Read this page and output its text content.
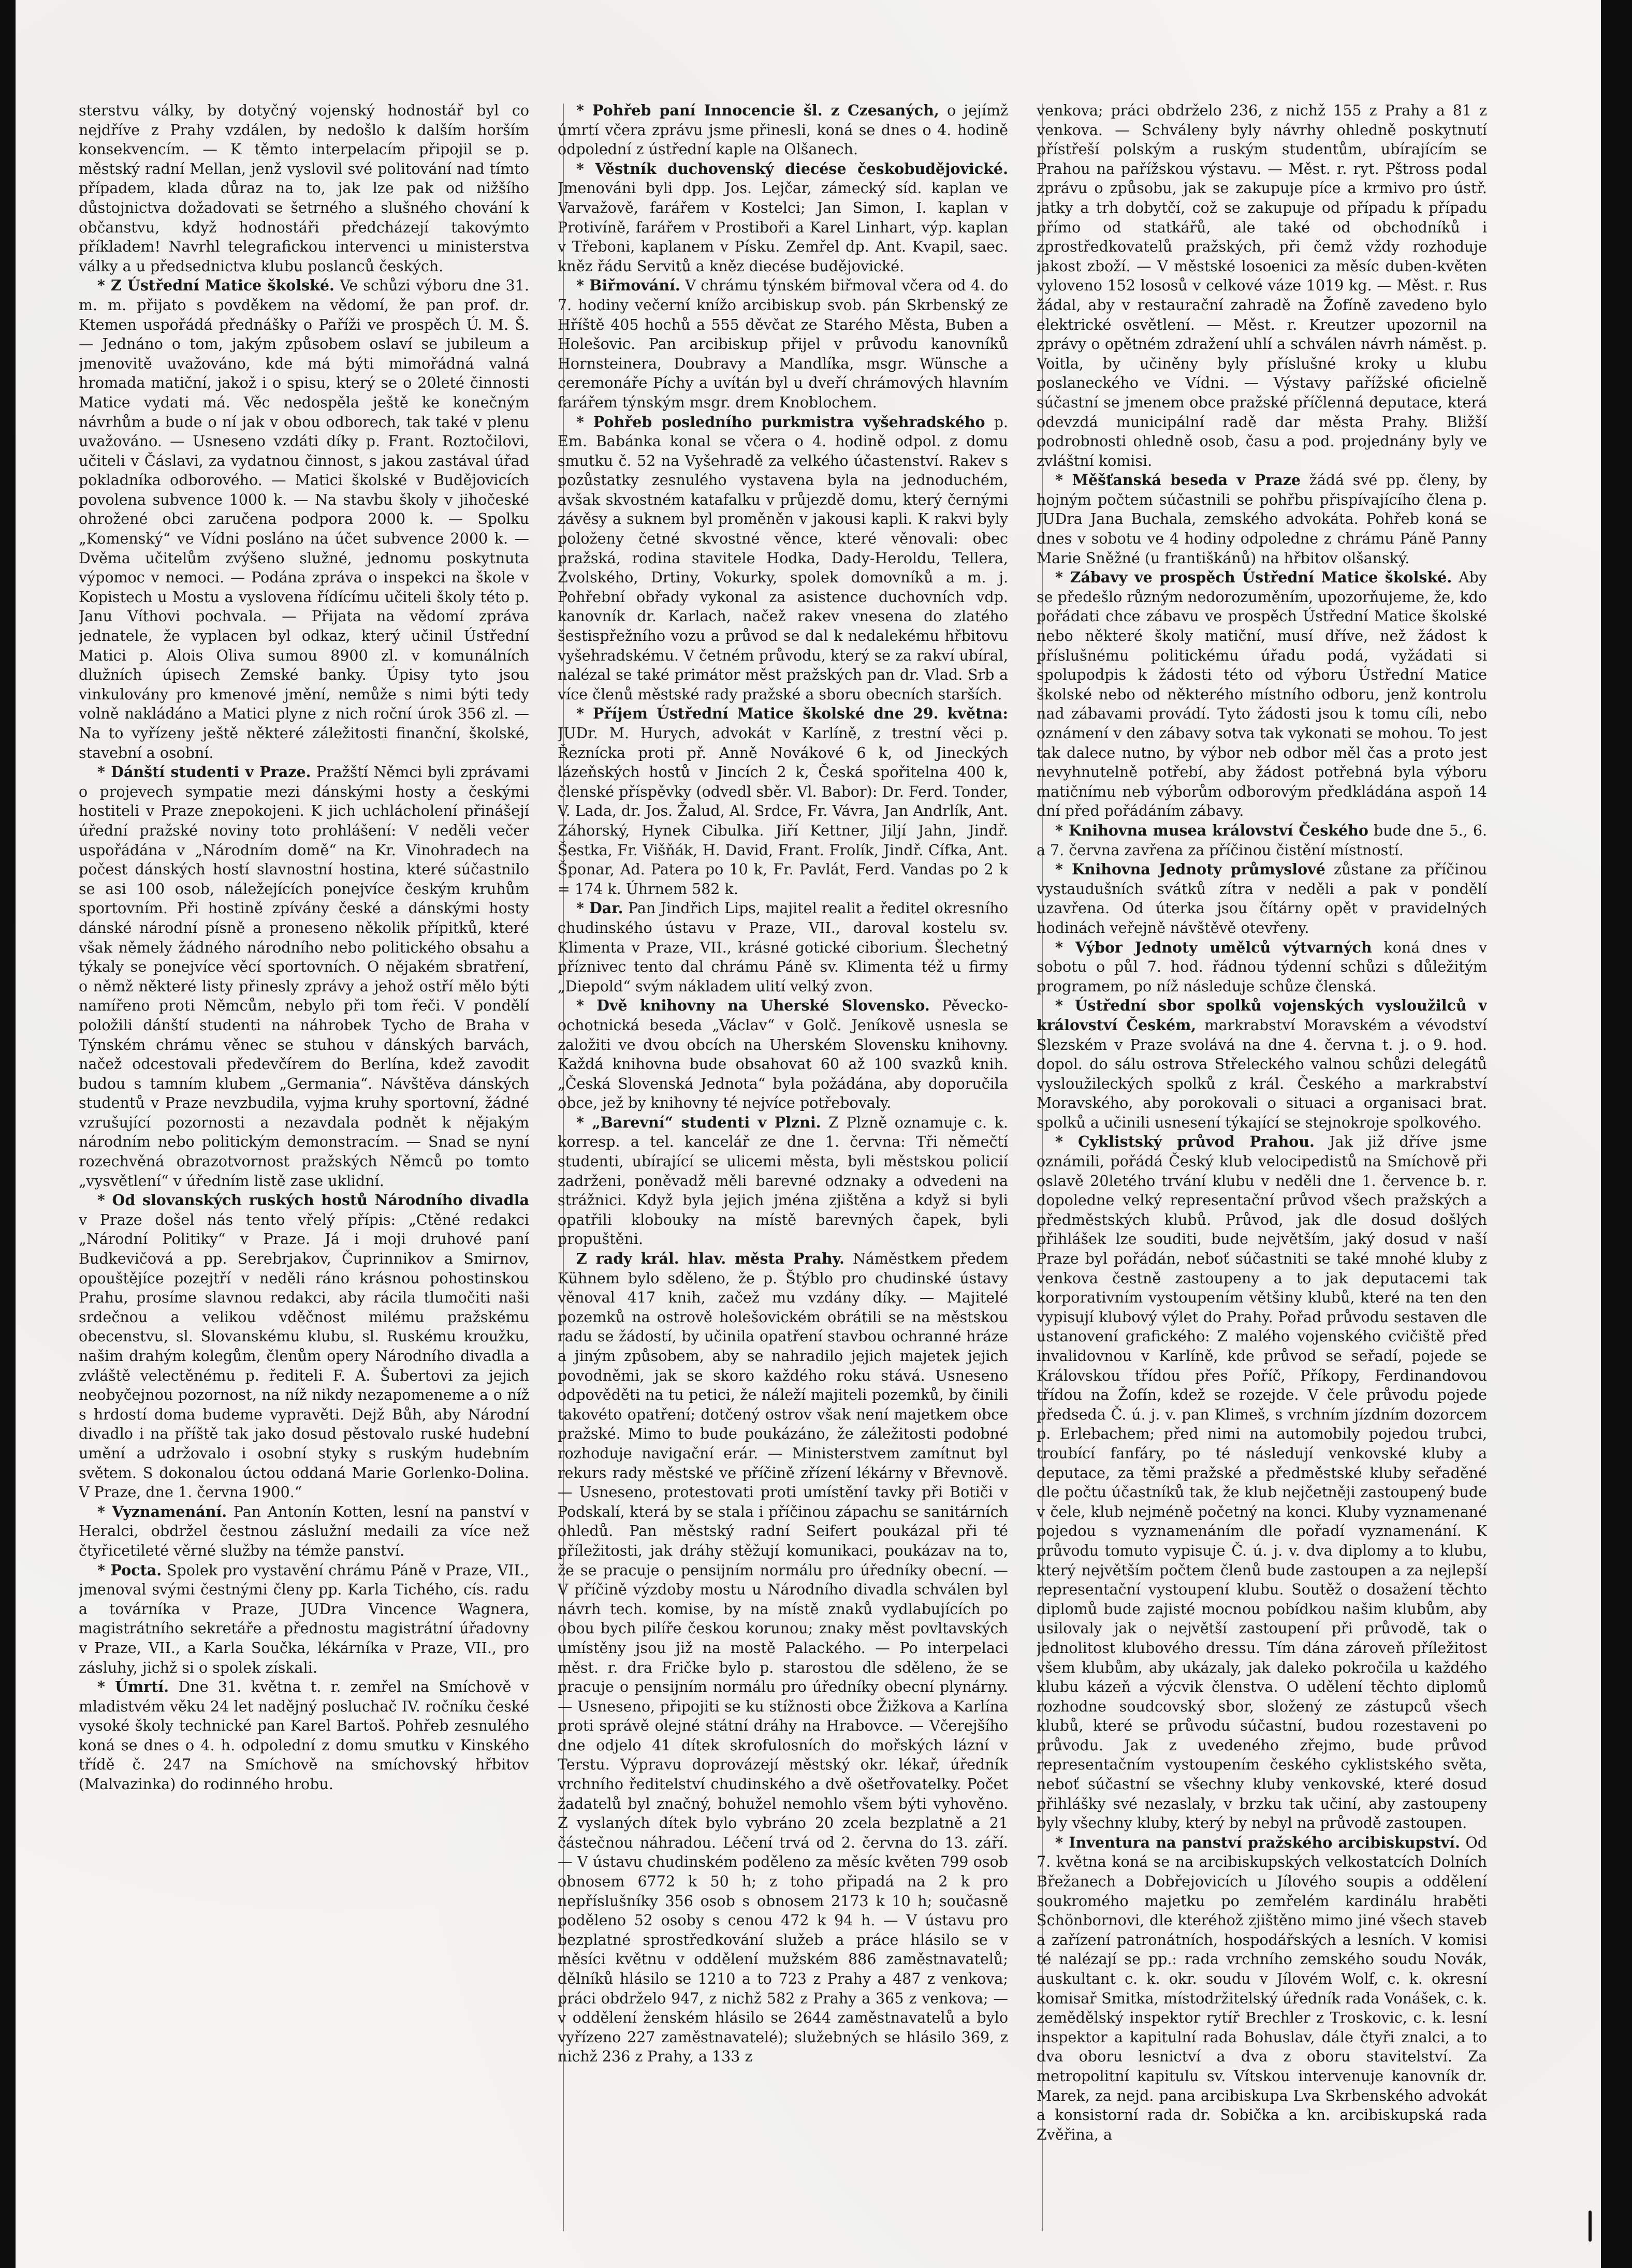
sterstvu války, by dotyčný vojenský hodnostář byl co nejdříve z Prahy vzdálen, by nedošlo k dalším horším konsekvencím. — K těmto interpelacím připojil se p. městský radní Mellan, jenž vyslovil své politování nad tímto případem, klada důraz na to, jak lze pak od nižšího důstojnictva dožadovati se šetrného a slušného chování k občanstvu, když hodnostáři předcházejí takovýmto příkladem! Navrhl telegrafickou intervenci u ministerstva války a u předsednictva klubu poslanců českých.

* Z Ústřední Matice školské. Ve schůzi výboru dne 31. m. m. přijato s povděkem na vědomí, že pan prof. dr. Ktemen uspořádá přednášky o Paříži ve prospěch Ú. M. Š. — Jednáno o tom, jakým způsobem oslaví se jubileum a jmenovitě uvažováno, kde má býti mimořádná valná hromada matiční, jakož i o spisu, který se o 20leté činnosti Matice vydati má. Věc nedospěla ještě ke konečným návrhům a bude o ní jak v obou odborech, tak také v plenu uvažováno. — Usneseno vzdáti díky p. Frant. Roztočilovi, učiteli v Čáslavi, za vydatnou činnost, s jakou zastával úřad pokladníka odborového. — Matici školské v Budějovicích povolena subvence 1000 k. — Na stavbu školy v jihočeské ohrožené obci zaručena podpora 2000 k. — Spolku „Komenský“ ve Vídni posláno na účet subvence 2000 k. — Dvěma učitelům zvýšeno služné, jednomu poskytnuta výpomoc v nemoci. — Podána zpráva o inspekci na škole v Kopistech u Mostu a vyslovena řídícímu učiteli školy této p. Janu Víthovi pochvala. — Přijata na vědomí zpráva jednatele, že vyplacen byl odkaz, který učinil Ústřední Matici p. Alois Oliva sumou 8900 zl. v komunálních dlužních úpisech Zemské banky. Úpisy tyto jsou vinkulovány pro kmenové jmění, nemůže s nimi býti tedy volně nakládáno a Matici plyne z nich roční úrok 356 zl. — Na to vyřízeny ještě některé záležitosti finanční, školské, stavební a osobní.

* Dánští studenti v Praze. Pražští Němci byli zprávami o projevech sympatie mezi dánskými hosty a českými hostiteli v Praze znepokojeni. K jich uchlácholení přinášejí úřední pražské noviny toto prohlášení: V neděli večer uspořádána v „Národním domě“ na Kr. Vinohradech na počest dánských hostí slavnostní hostina, které súčastnilo se asi 100 osob, náležejících ponejvíce českým kruhům sportovním. Při hostině zpívány české a dánskými hosty dánské národní písně a proneseno několik přípitků, které však němely žádného národního nebo politického obsahu a týkaly se ponejvíce věcí sportovních. O nějakém sbratření, o němž některé listy přinesly zprávy a jehož ostří mělo býti namířeno proti Němcům, nebylo při tom řeči. V pondělí položili dánští studenti na náhrobek Tycho de Braha v Týnském chrámu věnec se stuhou v dánských barvách, načež odcestovali předevčírem do Berlína, kdež zavodit budou s tamním klubem „Germania“. Návštěva dánských studentů v Praze nevzbudila, vyjma kruhy sportovní, žádné vzrušující pozornosti a nezavdala podnět k nějakým národním nebo politickým demonstracím. — Snad se nyní rozechvěná obrazotvornost pražských Němců po tomto „vysvětlení“ v úředním listě zase uklidní.

* Od slovanských ruských hostů Národního divadla v Praze došel nás tento vřelý přípis: „Ctěné redakci „Národní Politiky“ v Praze. Já i moji druhové paní Budkevičová a pp. Serebrjakov, Čuprinnikov a Smirnov, opouštějíce pozejtří v neděli ráno krásnou pohostinskou Prahu, prosíme slavnou redakci, aby rácila tlumočiti naši srdečnou a velikou vděčnost milému pražskému obecenstvu, sl. Slovanskému klubu, sl. Ruskému kroužku, našim drahým kolegům, členům opery Národního divadla a zvláště velectěnému p. řediteli F. A. Šubertovi za jejich neobyčejnou pozornost, na níž nikdy nezapomeneme a o níž s hrdostí doma budeme vypravěti. Dejž Bůh, aby Národní divadlo i na příště tak jako dosud pěstovalo ruské hudební umění a udržovalo i osobní styky s ruským hudebním světem. S dokonalou úctou oddaná Marie Gorlenko-Dolina. V Praze, dne 1. června 1900.“

* Vyznamenání. Pan Antonín Kotten, lesní na panství v Heralci, obdržel čestnou záslužní medaili za více než čtyřicetileté věrné služby na témže panství.

* Pocta. Spolek pro vystavění chrámu Páně v Praze, VII., jmenoval svými čestnými členy pp. Karla Tichého, cís. radu a továrníka v Praze, JUDra Vincence Wagnera, magistrátního sekretáře a přednostu magistrátní úřadovny v Praze, VII., a Karla Součka, lékárníka v Praze, VII., pro zásluhy, jichž si o spolek získali.

* Úmrtí. Dne 31. května t. r. zemřel na Smíchově v mladistvém věku 24 let nadějný posluchač IV. ročníku české vysoké školy technické pan Karel Bartoš. Pohřeb zesnulého koná se dnes o 4. h. odpolední z domu smutku v Kinského třídě č. 247 na Smíchově na smíchovský hřbitov (Malvazinka) do rodinného hrobu.

* Pohřeb paní Innocencie šl. z Czesaných, o jejímž úmrtí včera zprávu jsme přinesli, koná se dnes o 4. hodině odpolední z ústřední kaple na Olšanech.

* Věstník duchovenský diecése českobudějovické. Jmenováni byli dpp. Jos. Lejčar, zámecký síd. kaplan ve Varvažově, farářem v Kostelci; Jan Simon, I. kaplan v Protivíně, farářem v Prostiboři a Karel Linhart, výp. kaplan v Třeboni, kaplanem v Písku. Zemřel dp. Ant. Kvapil, saec. kněz řádu Servitů a kněz diecése budějovické.

* Biřmování. V chrámu týnském biřmoval včera od 4. do 7. hodiny večerní knížo arcibiskup svob. pán Skrbenský ze Hříště 405 hochů a 555 děvčat ze Starého Města, Buben a Holešovic. Pan arcibiskup přijel v průvodu kanovníků Hornsteinera, Doubravy a Mandlíka, msgr. Wünsche a ceremonáře Píchy a uvítán byl u dveří chrámových hlavním farářem týnským msgr. drem Knoblochem.

* Pohřeb posledního purkmistra vyšehradského p. Em. Babánka konal se včera o 4. hodině odpol. z domu smutku č. 52 na Vyšehradě za velkého účastenství. Rakev s pozůstatky zesnulého vystavena byla na jednoduchém, avšak skvostném katafalku v průjezdě domu, který černými závěsy a suknem byl proměněn v jakousi kapli. K rakvi byly položeny četné skvostné věnce, které věnovali: obec pražská, rodina stavitele Hodka, Dady-Heroldu, Tellera, Zvolského, Drtiny, Vokurky, spolek domovníků a m. j. Pohřební obřady vykonal za asistence duchovních vdp. kanovník dr. Karlach, načež rakev vnesena do zlatého šestispřežního vozu a průvod se dal k nedalekému hřbitovu vyšehradskému. V četném průvodu, který se za rakví ubíral, nalézal se také primátor měst pražských pan dr. Vlad. Srb a více členů městské rady pražské a sboru obecních starších.

* Příjem Ústřední Matice školské dne 29. května: JUDr. M. Hurych, advokát v Karlíně, z trestní věci p. Řeznícka proti př. Anně Novákové 6 k, od Jineckých lázeňských hostů v Jincích 2 k, Česká spořitelna 400 k, členské příspěvky (odvedl sběr. Vl. Babor): Dr. Ferd. Tonder, V. Lada, dr. Jos. Žalud, Al. Srdce, Fr. Vávra, Jan Andrlík, Ant. Záhorský, Hynek Cibulka. Jiří Kettner, Jiljí Jahn, Jindř. Šestka, Fr. Višňák, H. David, Frant. Frolík, Jindř. Cífka, Ant. Šponar, Ad. Patera po 10 k, Fr. Pavlát, Ferd. Vandas po 2 k = 174 k. Úhrnem 582 k.

* Dar. Pan Jindřich Lips, majitel realit a ředitel okresního chudinského ústavu v Praze, VII., daroval kostelu sv. Klimenta v Praze, VII., krásné gotické ciborium. Šlechetný příznivec tento dal chrámu Páně sv. Klimenta též u firmy „Diepold“ svým nákladem ulití velký zvon.

* Dvě knihovny na Uherské Slovensko. Pěvecko-ochotnická beseda „Václav“ v Golč. Jeníkově usnesla se založiti ve dvou obcích na Uherském Slovensku knihovny. Každá knihovna bude obsahovat 60 až 100 svazků knih. „Česká Slovenská Jednota“ byla požádána, aby doporučila obce, jež by knihovny té nejvíce potřebovaly.

* „Barevní“ studenti v Plzni. Z Plzně oznamuje c. k. korresp. a tel. kancelář ze dne 1. června: Tři němečtí studenti, ubírající se ulicemi města, byli městskou policií zadrženi, poněvadž měli barevné odznaky a odvedeni na strážnici. Když byla jejich jména zjištěna a když si byli opatřili klobouky na místě barevných čapek, byli propuštěni.

Z rady král. hlav. města Prahy. Náměstkem předem Kühnem bylo sděleno, že p. Štýblo pro chudinské ústavy věnoval 417 knih, začež mu vzdány díky. — Majitelé pozemků na ostrově holešovickém obrátili se na městskou radu se žádostí, by učinila opatření stavbou ochranné hráze a jiným způsobem, aby se nahradilo jejich majetek jejich povodněmi, jak se skoro každého roku stává. Usneseno odpověděti na tu petici, že náleží majiteli pozemků, by činili takovéto opatření; dotčený ostrov však není majetkem obce pražské. Mimo to bude poukázáno, že záležitosti podobné rozhoduje navigační erár. — Ministerstvem zamítnut byl rekurs rady městské ve příčině zřízení lékárny v Břevnově. — Usneseno, protestovati proti umístění tavky při Botiči v Podskalí, která by se stala i příčinou zápachu se sanitárních ohledů. Pan městský radní Seifert poukázal při té příležitosti, jak dráhy stěžují komunikaci, poukázav na to, že se pracuje o pensijním normálu pro úředníky obecní. — V příčině výzdoby mostu u Národního divadla schválen byl návrh tech. komise, by na místě znaků vydlabujících po obou bych pilíře českou korunou; znaky měst povltavských umístěny jsou již na mostě Palackého. — Po interpelaci měst. r. dra Fričke bylo p. starostou dle sděleno, že se pracuje o pensijním normálu pro úředníky obecní plynárny. — Usneseno, připojiti se ku stížnosti obce Žižkova a Karlína proti správě olejné státní dráhy na Hrabovce. — Včerejšího dne odjelo 41 dítek skrofulosních do mořských lázní v Terstu. Výpravu doprovázejí městský okr. lékař, úředník vrchního ředitelství chudinského a dvě ošetřovatelky. Počet žadatelů byl značný, bohužel nemohlo všem býti vyhověno. Z vyslaných dítek bylo vybráno 20 zcela bezplatně a 21 částečnou náhradou. Léčení trvá od 2. června do 13. září. — V ústavu chudinském poděleno za měsíc květen 799 osob obnosem 6772 k 50 h; z toho připadá na 2 k pro nepříslušníky 356 osob s obnosem 2173 k 10 h; současně poděleno 52 osoby s cenou 472 k 94 h. — V ústavu pro bezplatné sprostředkování služeb a práce hlásilo se v měsíci květnu v oddělení mužském 886 zaměstnavatelů; dělníků hlásilo se 1210 a to 723 z Prahy a 487 z venkova; práci obdrželo 947, z nichž 582 z Prahy a 365 z venkova; — v oddělení ženském hlásilo se 2644 zaměstnavatelů a bylo vyřízeno 227 zaměstnavatelé); služebných se hlásilo 369, z nichž 236 z Prahy, a 133 z

venkova; práci obdrželo 236, z nichž 155 z Prahy a 81 z venkova. — Schváleny byly návrhy ohledně poskytnutí přístřeší polským a ruským studentům, ubírajícím se Prahou na pařížskou výstavu. — Měst. r. ryt. Pštross podal zprávu o způsobu, jak se zakupuje píce a krmivo pro ústř. jatky a trh dobytčí, což se zakupuje od případu k případu přímo od statkářů, ale také od obchodníků i zprostředkovatelů pražských, při čemž vždy rozhoduje jakost zboží. — V městské losoenici za měsíc duben-květen vyloveno 152 lososů v celkové váze 1019 kg. — Měst. r. Rus žádal, aby v restaurační zahradě na Žofíně zavedeno bylo elektrické osvětlení. — Měst. r. Kreutzer upozornil na zprávy o opětném zdražení uhlí a schválen návrh náměst. p. Voitla, by učiněny byly příslušné kroky u klubu poslaneckého ve Vídni. — Výstavy pařížské oficielně súčastní se jmenem obce pražské příčlenná deputace, která odevzdá municipální radě dar města Prahy. Bližší podrobnosti ohledně osob, času a pod. projednány byly ve zvláštní komisi.

* Měšťanská beseda v Praze žádá své pp. členy, by hojným počtem súčastnili se pohřbu přispívajícího člena p. JUDra Jana Buchala, zemského advokáta. Pohřeb koná se dnes v sobotu ve 4 hodiny odpoledne z chrámu Páně Panny Marie Sněžné (u františkánů) na hřbitov olšanský.

* Zábavy ve prospěch Ústřední Matice školské. Aby se předešlo různým nedorozuměním, upozorňujeme, že, kdo pořádati chce zábavu ve prospěch Ústřední Matice školské nebo některé školy matiční, musí dříve, než žádost k příslušnému politickému úřadu podá, vyžádati si spolupodpis k žádosti této od výboru Ústřední Matice školské nebo od některého místního odboru, jenž kontrolu nad zábavami provádí. Tyto žádosti jsou k tomu cíli, nebo oznámení v den zábavy sotva tak vykonati se mohou. To jest tak dalece nutno, by výbor neb odbor měl čas a proto jest nevyhnutelně potřebí, aby žádost potřebná byla výboru matičnímu neb výborům odborovým předkládána aspoň 14 dní před pořádáním zábavy.

* Knihovna musea království Českého bude dne 5., 6. a 7. června zavřena za příčinou čistění místností.

* Knihovna Jednoty průmyslové zůstane za příčinou vystaudušních svátků zítra v neděli a pak v pondělí uzavřena. Od úterka jsou čítárny opět v pravidelných hodinách veřejně návštěvě otevřeny.

* Výbor Jednoty umělců výtvarných koná dnes v sobotu o půl 7. hod. řádnou týdenní schůzi s důležitým programem, po níž následuje schůze členská.

* Ústřední sbor spolků vojenských vysloužilců v království Českém, markrabství Moravském a vévodství Slezském v Praze svolává na dne 4. června t. j. o 9. hod. dopol. do sálu ostrova Střeleckého valnou schůzi delegátů vysloužileckých spolků z král. Českého a markrabství Moravského, aby porokovali o situaci a organisaci brat. spolků a učinili usnesení týkající se stejnokroje spolkového.

* Cyklistský průvod Prahou. Jak již dříve jsme oznámili, pořádá Český klub velocipedistů na Smíchově při oslavě 20letého trvání klubu v neděli dne 1. července b. r. dopoledne velký representační průvod všech pražských a předměstských klubů. Průvod, jak dle dosud došlých přihlášek lze souditi, bude největším, jaký dosud v naší Praze byl pořádán, neboť súčastniti se také mnohé kluby z venkova čestně zastoupeny a to jak deputacemi tak korporativním vystoupením většiny klubů, které na ten den vypisují klubový výlet do Prahy. Pořad průvodu sestaven dle ustanovení grafického: Z malého vojenského cvičiště před invalidovnou v Karlíně, kde průvod se seřadí, pojede se Královskou třídou přes Poříč, Příkopy, Ferdinandovou třídou na Žofín, kdež se rozejde. V čele průvodu pojede předseda Č. ú. j. v. pan Klimeš, s vrchním jízdním dozorcem p. Erlebachem; před nimi na automobily pojedou trubci, troubící fanfáry, po té následují venkovské kluby a deputace, za těmi pražské a předměstské kluby seřaděné dle počtu účastníků tak, že klub nejčetněji zastoupený bude v čele, klub nejméně početný na konci. Kluby vyznamenané pojedou s vyznamenáním dle pořadí vyznamenání. K průvodu tomuto vypisuje Č. ú. j. v. dva diplomy a to klubu, který největším počtem členů bude zastoupen a za nejlepší representační vystoupení klubu. Soutěž o dosažení těchto diplomů bude zajisté mocnou pobídkou našim klubům, aby usilovaly jak o největší zastoupení při průvodě, tak o jednolitost klubového dressu. Tím dána zároveň příležitost všem klubům, aby ukázaly, jak daleko pokročila u každého klubu kázeň a výcvik členstva. O udělení těchto diplomů rozhodne soudcovský sbor, složený ze zástupců všech klubů, které se průvodu súčastní, budou rozestaveni po průvodu. Jak z uvedeného zřejmo, bude průvod representačním vystoupením českého cyklistského světa, neboť súčastní se všechny kluby venkovské, které dosud přihlášky své nezaslaly, v brzku tak učiní, aby zastoupeny byly všechny kluby, který by nebyl na průvodě zastoupen.

* Inventura na panství pražského arcibiskupství. Od 7. května koná se na arcibiskupských velkostatcích Dolních Břežanech a Dobřejovicích u Jílového soupis a oddělení soukromého majetku po zemřelém kardinálu hraběti Schönbornovi, dle kteréhož zjištěno mimo jiné všech staveb a zařízení patronátních, hospodářských a lesních. V komisi té nalézají se pp.: rada vrchního zemského soudu Novák, auskultant c. k. okr. soudu v Jílovém Wolf, c. k. okresní komisař Smitka, místodržitelský úředník rada Vonášek, c. k. zemědělský inspektor rytíř Brechler z Troskovic, c. k. lesní inspektor a kapitulní rada Bohuslav, dále čtyři znalci, a to dva oboru lesnictví a dva z oboru stavitelství. Za metropolitní kapitulu sv. Vítskou intervenuje kanovník dr. Marek, za nejd. pana arcibiskupa Lva Skrbenského advokát a konsistorní rada dr. Sobička a kn. arcibiskupská rada Zvěřina, a
